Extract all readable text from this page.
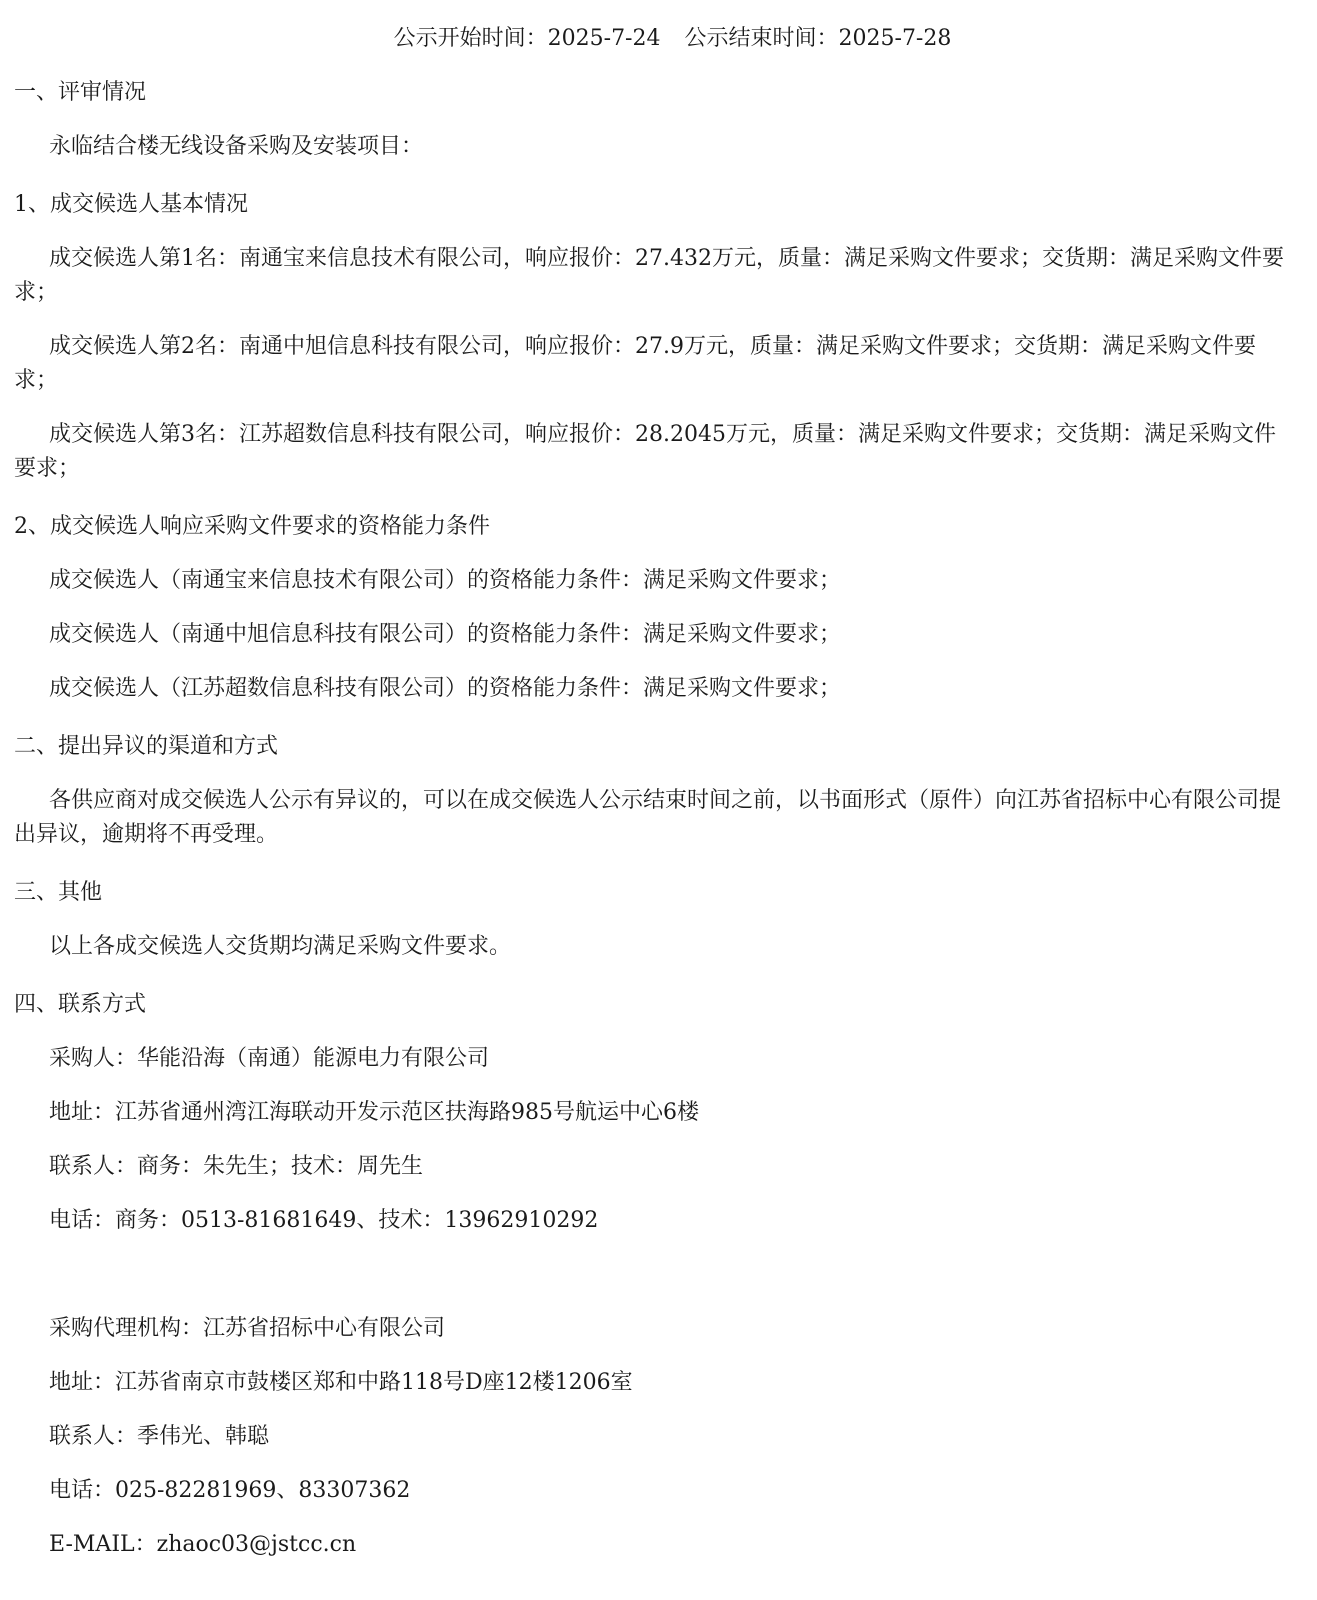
公示开始时间：2025-7-24 公示结束时间：2025-7-28

一、评审情况

永临结合楼无线设备采购及安装项目：

1、成交候选人基本情况

成交候选人第1名：南通宝来信息技术有限公司，响应报价：27.432万元，质量：满足采购文件要求；交货期：满足采购文件要求；

成交候选人第2名：南通中旭信息科技有限公司，响应报价：27.9万元，质量：满足采购文件要求；交货期：满足采购文件要求；

成交候选人第3名：江苏超数信息科技有限公司，响应报价：28.2045万元，质量：满足采购文件要求；交货期：满足采购文件要求；

2、成交候选人响应采购文件要求的资格能力条件

成交候选人（南通宝来信息技术有限公司）的资格能力条件：满足采购文件要求；

成交候选人（南通中旭信息科技有限公司）的资格能力条件：满足采购文件要求；

成交候选人（江苏超数信息科技有限公司）的资格能力条件：满足采购文件要求；

二、提出异议的渠道和方式

各供应商对成交候选人公示有异议的，可以在成交候选人公示结束时间之前，以书面形式（原件）向江苏省招标中心有限公司提出异议，逾期将不再受理。

三、其他

以上各成交候选人交货期均满足采购文件要求。

四、联系方式

采购人：华能沿海（南通）能源电力有限公司

地址：江苏省通州湾江海联动开发示范区扶海路985号航运中心6楼

联系人：商务：朱先生；技术：周先生

电话：商务：0513-81681649、技术：13962910292

采购代理机构：江苏省招标中心有限公司

地址：江苏省南京市鼓楼区郑和中路118号D座12楼1206室

联系人：季伟光、韩聪

电话：025-82281969、83307362

E-MAIL：zhaoc03@jstcc.cn
